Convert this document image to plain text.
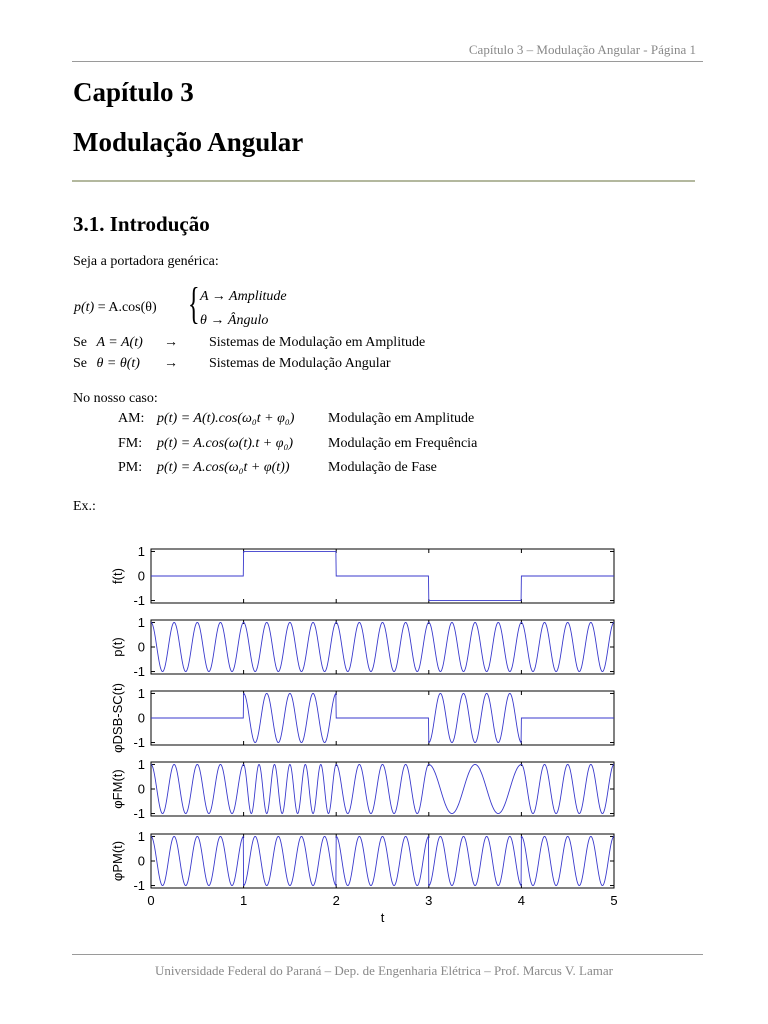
Capítulo 3 – Modulação Angular - Página 1
Capítulo 3
Modulação Angular
3.1. Introdução
Seja a portadora genérica:
p(t) = A.cos(θ) { A → Amplitude
θ → Ângulo
Se A = A(t) → Sistemas de Modulação em Amplitude
Se θ = θ(t) → Sistemas de Modulação Angular
No nosso caso:
AM: p(t) = A(t).cos(ω₀t + φ₀) Modulação em Amplitude
FM: p(t) = A.cos(ω(t).t + φ₀)	Modulação em Frequência
PM: p(t) = A.cos(ω₀t + φ(t))	Modulação de Fase
Ex.:
1
0
-1
f(t)
1
0
-1
p(t)
1
0
-1
φDSB-SC(t)
1
0
-1
φFM(t)
1
0
-1
φPM(t)
0	1	2	3	4	5
t
Universidade Federal do Paraná – Dep. de Engenharia Elétrica – Prof. Marcus V. Lamar
